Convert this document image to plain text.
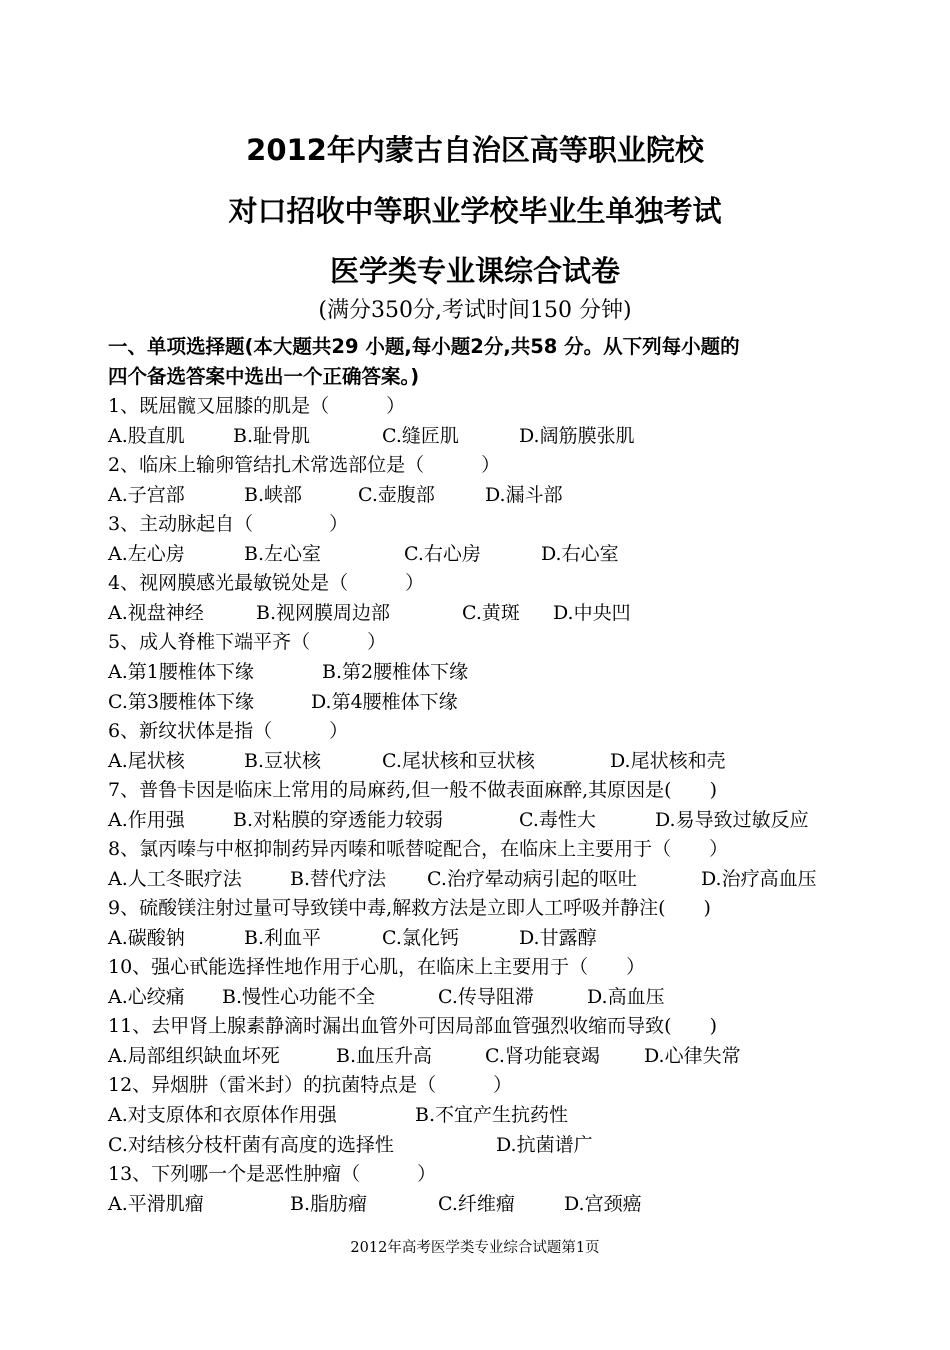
2012年内蒙古自治区高等职业院校
对口招收中等职业学校毕业生单独考试
医学类专业课综合试卷
(满分350分,考试时间150 分钟)
一、单项选择题(本大题共29 小题,每小题2分,共58 分。从下列每小题的
四个备选答案中选出一个正确答案。)
1、既屈髋又屈膝的肌是（　　　）
A.股直肌	B.耻骨肌	C.缝匠肌	D.阔筋膜张肌
2、临床上输卵管结扎术常选部位是（　　　）
A.子宫部	B.峡部	C.壶腹部	D.漏斗部
3、主动脉起自（　　　　）
A.左心房	B.左心室	C.右心房	D.右心室
4、视网膜感光最敏锐处是（　　　）
A.视盘神经	B.视网膜周边部	C.黄斑 D.中央凹
5、成人脊椎下端平齐（　　　）
A.第1腰椎体下缘	B.第2腰椎体下缘
C.第3腰椎体下缘	D.第4腰椎体下缘
6、新纹状体是指（　　　）
A.尾状核	B.豆状核	C.尾状核和豆状核	D.尾状核和壳
7、普鲁卡因是临床上常用的局麻药,但一般不做表面麻醉,其原因是(　　)
A.作用强	B.对粘膜的穿透能力较弱	C.毒性大	D.易导致过敏反应
8、氯丙嗪与中枢抑制药异丙嗪和哌替啶配合，在临床上主要用于（　　）
A.人工冬眠疗法	B.替代疗法 C.治疗晕动病引起的呕吐	D.治疗高血压
9、硫酸镁注射过量可导致镁中毒,解救方法是立即人工呼吸并静注(　　)
A.碳酸钠	B.利血平	C.氯化钙	D.甘露醇
10、强心甙能选择性地作用于心肌，在临床上主要用于（　　）
A.心绞痛 B.慢性心功能不全	C.传导阻滞	D.高血压
11、去甲肾上腺素静滴时漏出血管外可因局部血管强烈收缩而导致(　　)
A.局部组织缺血坏死	B.血压升高	C.肾功能衰竭 D.心律失常
12、异烟肼（雷米封）的抗菌特点是（　　　）
A.对支原体和衣原体作用强	B.不宜产生抗药性
C.对结核分枝杆菌有高度的选择性	D.抗菌谱广
13、下列哪一个是恶性肿瘤（　　　）
A.平滑肌瘤	B.脂肪瘤	C.纤维瘤	D.宫颈癌
2012年高考医学类专业综合试题第1页
